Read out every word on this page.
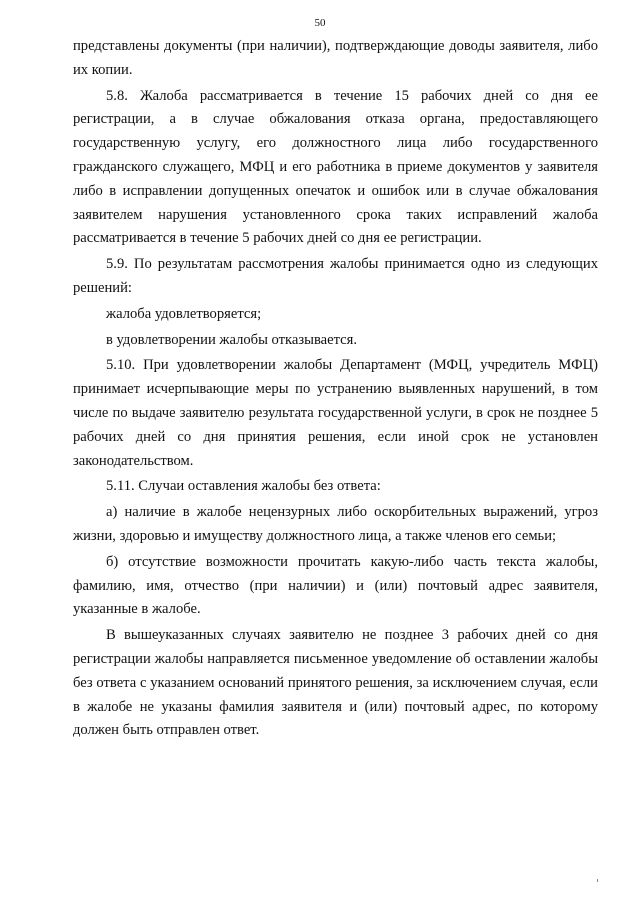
50

представлены документы (при наличии), подтверждающие доводы заявителя, либо их копии.

5.8. Жалоба рассматривается в течение 15 рабочих дней со дня ее регистрации, а в случае обжалования отказа органа, предоставляющего государственную услугу, его должностного лица либо государственного гражданского служащего, МФЦ и его работника в приеме документов у заявителя либо в исправлении допущенных опечаток и ошибок или в случае обжалования заявителем нарушения установленного срока таких исправлений жалоба рассматривается в течение 5 рабочих дней со дня ее регистрации.

5.9. По результатам рассмотрения жалобы принимается одно из следующих решений:

жалоба удовлетворяется;

в удовлетворении жалобы отказывается.

5.10. При удовлетворении жалобы Департамент (МФЦ, учредитель МФЦ) принимает исчерпывающие меры по устранению выявленных нарушений, в том числе по выдаче заявителю результата государственной услуги, в срок не позднее 5 рабочих дней со дня принятия решения, если иной срок не установлен законодательством.

5.11. Случаи оставления жалобы без ответа:

а) наличие в жалобе нецензурных либо оскорбительных выражений, угроз жизни, здоровью и имуществу должностного лица, а также членов его семьи;

б) отсутствие возможности прочитать какую-либо часть текста жалобы, фамилию, имя, отчество (при наличии) и (или) почтовый адрес заявителя, указанные в жалобе.

В вышеуказанных случаях заявителю не позднее 3 рабочих дней со дня регистрации жалобы направляется письменное уведомление об оставлении жалобы без ответа с указанием оснований принятого решения, за исключением случая, если в жалобе не указаны фамилия заявителя и (или) почтовый адрес, по которому должен быть отправлен ответ.
